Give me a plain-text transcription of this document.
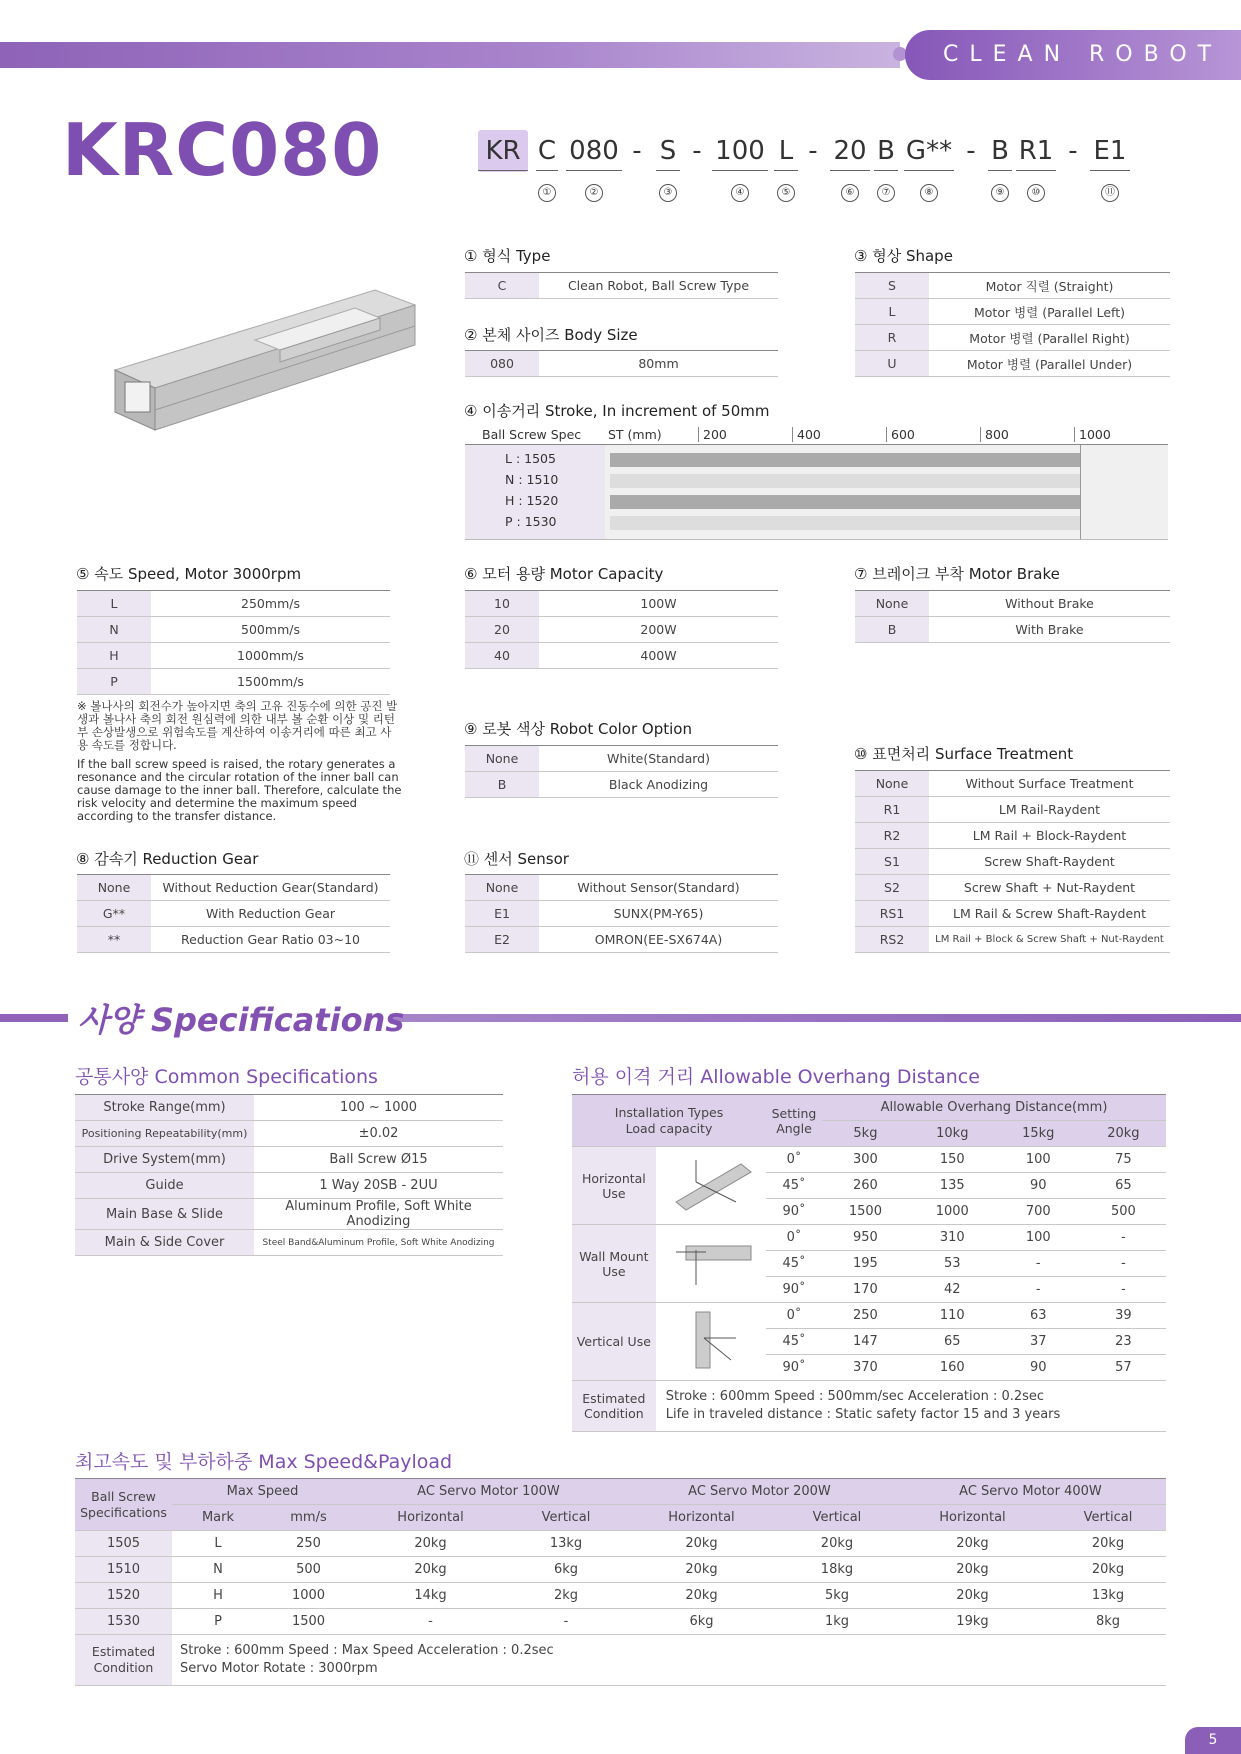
CLEAN ROBOT
KRC080	KR C 080 - S - 100 L - 20 B G** - B R1 - E1
①	②	③	④	⑤	⑥	⑦	⑧	⑨	⑩	⑪
① 형식 Type
C	Clean Robot, Ball Screw Type
② 본체 사이즈 Body Size
080	80mm
③ 형상 Shape
S	Motor 직렬 (Straight)
L	Motor 병렬 (Parallel Left)
R	Motor 병렬 (Parallel Right)
U	Motor 병렬 (Parallel Under)
④ 이송거리 Stroke, In increment of 50mm
Ball Screw Spec ST (mm)	200	400	600	800	1000
L : 1505
N : 1510
H : 1520
P : 1530
⑤ 속도 Speed, Motor 3000rpm
L	250mm/s
N	500mm/s
H	1000mm/s
P	1500mm/s
※ 볼나사의 회전수가 높아지면 축의 고유 진동수에 의한 공진 발생과 볼나사 축의 회전 원심력에 의한 내부 볼 순환 이상 및 리턴부 손상발생으로 위험속도를 계산하여 이송거리에 따른 최고 사용 속도를 정합니다.
If the ball screw speed is raised, the rotary generates a resonance and the circular rotation of the inner ball can cause damage to the inner ball. Therefore, calculate the risk velocity and determine the maximum speed according to the transfer distance.
⑥ 모터 용량 Motor Capacity
10	100W
20	200W
40	400W
⑦ 브레이크 부착 Motor Brake
None	Without Brake
B	With Brake
⑨ 로봇 색상 Robot Color Option
None	White(Standard)
B	Black Anodizing
⑩ 표면처리 Surface Treatment
None	Without Surface Treatment
R1	LM Rail-Raydent
R2	LM Rail + Block-Raydent
S1	Screw Shaft-Raydent
S2	Screw Shaft + Nut-Raydent
RS1	LM Rail & Screw Shaft-Raydent
RS2	LM Rail + Block & Screw Shaft + Nut-Raydent
⑧ 감속기 Reduction Gear
None	Without Reduction Gear(Standard)
G**	With Reduction Gear
**	Reduction Gear Ratio 03~10
⑪ 센서 Sensor
None	Without Sensor(Standard)
E1	SUNX(PM-Y65)
E2	OMRON(EE-SX674A)
사양 Specifications
공통사양 Common Specifications
Stroke Range(mm)	100 ~ 1000
Positioning Repeatability(mm)	±0.02
Drive System(mm)	Ball Screw Ø15
Guide	1 Way 20SB - 2UU
Main Base & Slide	Aluminum Profile, Soft White Anodizing
Main & Side Cover	Steel Band&Aluminum Profile, Soft White Anodizing
허용 이격 거리 Allowable Overhang Distance
Installation Types
Load capacity		Setting Angle	Allowable Overhang Distance(mm)			
			5kg	10kg	15kg	20kg
Horizontal Use		0˚	300	150	100	75
		45˚	260	135	90	65
		90˚	1500	1000	700	500
Wall Mount Use		0˚	950	310	100	-
		45˚	195	53	-	-
		90˚	170	42	-	-
Vertical Use		0˚	250	110	63	39
		45˚	147	65	37	23
		90˚	370	160	90	57
Estimated Condition	Stroke : 600mm Speed : 500mm/sec Acceleration : 0.2sec
Life in traveled distance : Static safety factor 15 and 3 years					
최고속도 및 부하하중 Max Speed&Payload
Ball Screw Specifications	Max Speed		AC Servo Motor 100W		AC Servo Motor 200W		AC Servo Motor 400W	
	Mark	mm/s	Horizontal	Vertical	Horizontal	Vertical	Horizontal	Vertical
1505	L	250	20kg	13kg	20kg	20kg	20kg	20kg
1510	N	500	20kg	6kg	20kg	18kg	20kg	20kg
1520	H	1000	14kg	2kg	20kg	5kg	20kg	13kg
1530	P	1500	-	-	6kg	1kg	19kg	8kg
Estimated Condition	Stroke : 600mm Speed : Max Speed Acceleration : 0.2sec
Servo Motor Rotate : 3000rpm							
5
